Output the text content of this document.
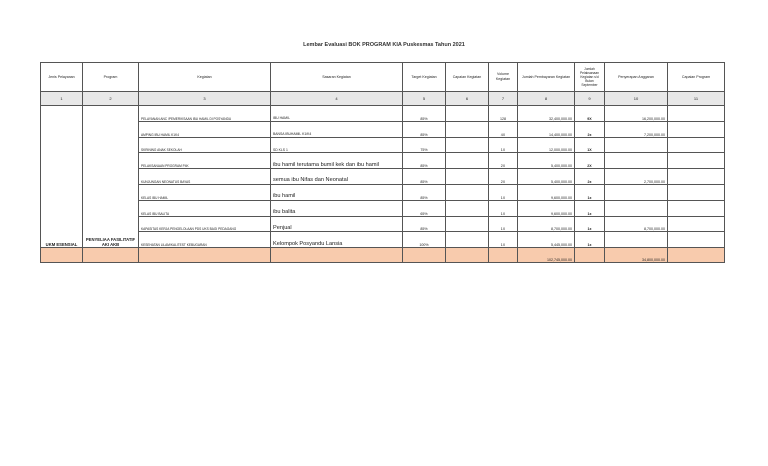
Lembar Evaluasi BOK PROGRAM KIA Puskesmas Tahun 2021
Jenis Pelayanan	Program	Kegiatan	Sasaran Kegiatan	Target Kegiatan	Capaian Kegiatan	Volume Kegiatan	Jumlah Pembayaran Kegiatan	Jumlah Pelaksanaan Kegiatan s/d Bulan September	Penyerapan Anggaran	Capaian Program
1	2	3	4	5	6	7	8	9	10	11
UKM ESENSIAL	PENYELIAA FASILITATIF AKI AKB	PELAYANAN ANC /PEMERIKSAAN IBU HAMIL DI POSYANDU	IBU HAMIL	85%		128	32,400,000.00	9X	16,200,000.00	
		AMPING IBU HAMIL K1K4	BANSA IBUHAMIL K1/K4	85%		4X	14,400,000.00	2x	7,200,000.00	
		SKRINING ANAK SEKOLAH	SD KLS 1	75%		1X	12,000,000.00	1X		
		PELAKSANAAN PROGRAM P4K	ibu hamil terutama bumil kek dan ibu hamil	85%		2X	5,400,000.00	2X		
		KUNJUNGAN NEONATUS BAYAS	semua ibu Nifas dan Neonatal	85%		2X	5,400,000.00	2x	2,700,000.00	
		KELAS IBU HAMIL	ibu hamil	85%		1X	9,600,000.00	1x		
		KELAS IBU BALITA	ibu balita	65%		1X	9,600,000.00	1x		
		KAPASITAS KERJA PENGELOLAAN PDS UKS BAGI PEDAGANG	Penjual	85%		1X	8,700,000.00	1x	8,700,000.00	
		KESEHATAN LILAM/KALITEST KEBUGARAN	Kelompok Posyandu Lansia	100%		1X	5,445,000.00	1x		
							102,745,000.00		34,800,000.00	
